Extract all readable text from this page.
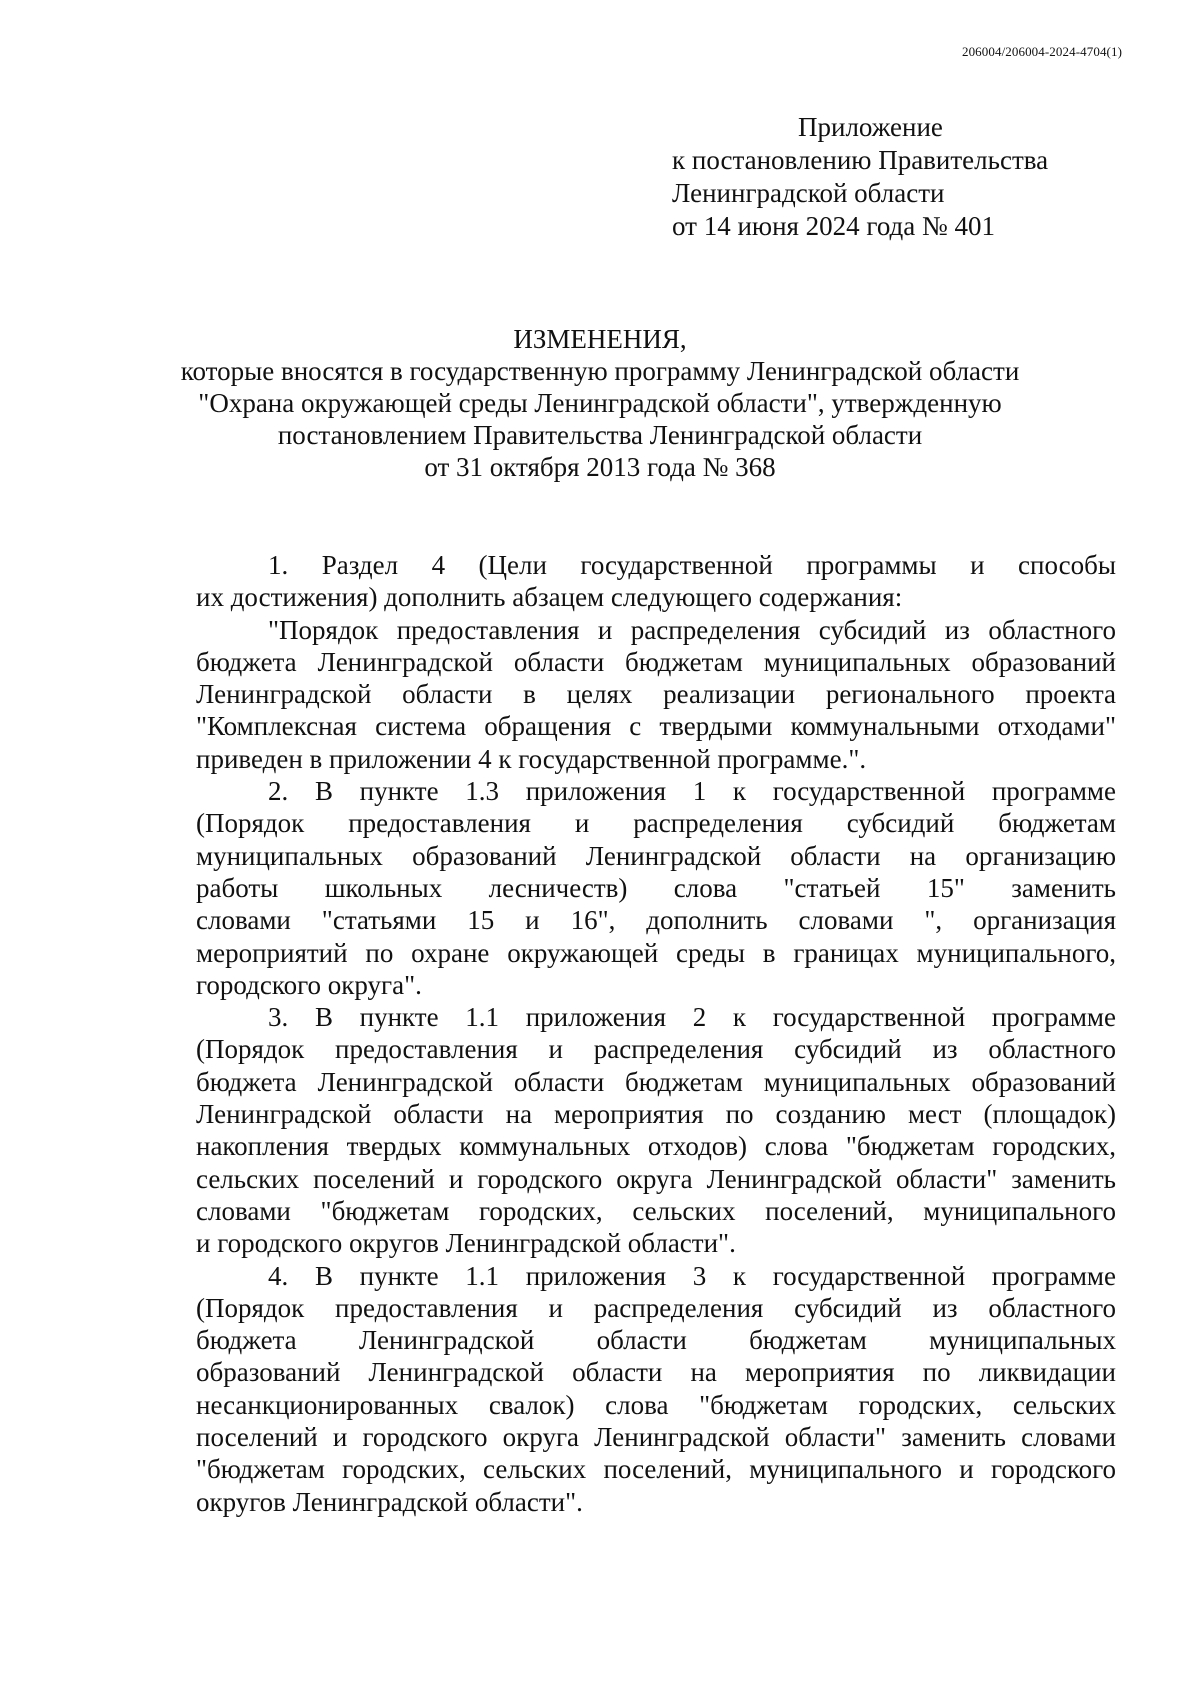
206004/206004-2024-4704(1)
Приложение
к постановлению Правительства
Ленинградской области
от 14 июня 2024 года № 401
ИЗМЕНЕНИЯ,
которые вносятся в государственную программу Ленинградской области
"Охрана окружающей среды Ленинградской области", утвержденную
постановлением Правительства Ленинградской области
от 31 октября 2013 года № 368
1. Раздел 4 (Цели государственной программы и способы
их достижения) дополнить абзацем следующего содержания:
"Порядок предоставления и распределения субсидий из областного
бюджета Ленинградской области бюджетам муниципальных образований
Ленинградской области в целях реализации регионального проекта
"Комплексная система обращения с твердыми коммунальными отходами"
приведен в приложении 4 к государственной программе.".
2. В пункте 1.3 приложения 1 к государственной программе
(Порядок предоставления и распределения субсидий бюджетам
муниципальных образований Ленинградской области на организацию
работы школьных лесничеств) слова "статьей 15" заменить
словами "статьями 15 и 16", дополнить словами ", организация
мероприятий по охране окружающей среды в границах муниципального,
городского округа".
3. В пункте 1.1 приложения 2 к государственной программе
(Порядок предоставления и распределения субсидий из областного
бюджета Ленинградской области бюджетам муниципальных образований
Ленинградской области на мероприятия по созданию мест (площадок)
накопления твердых коммунальных отходов) слова "бюджетам городских,
сельских поселений и городского округа Ленинградской области" заменить
словами "бюджетам городских, сельских поселений, муниципального
и городского округов Ленинградской области".
4. В пункте 1.1 приложения 3 к государственной программе
(Порядок предоставления и распределения субсидий из областного
бюджета Ленинградской области бюджетам муниципальных
образований Ленинградской области на мероприятия по ликвидации
несанкционированных свалок) слова "бюджетам городских, сельских
поселений и городского округа Ленинградской области" заменить словами
"бюджетам городских, сельских поселений, муниципального и городского
округов Ленинградской области".
